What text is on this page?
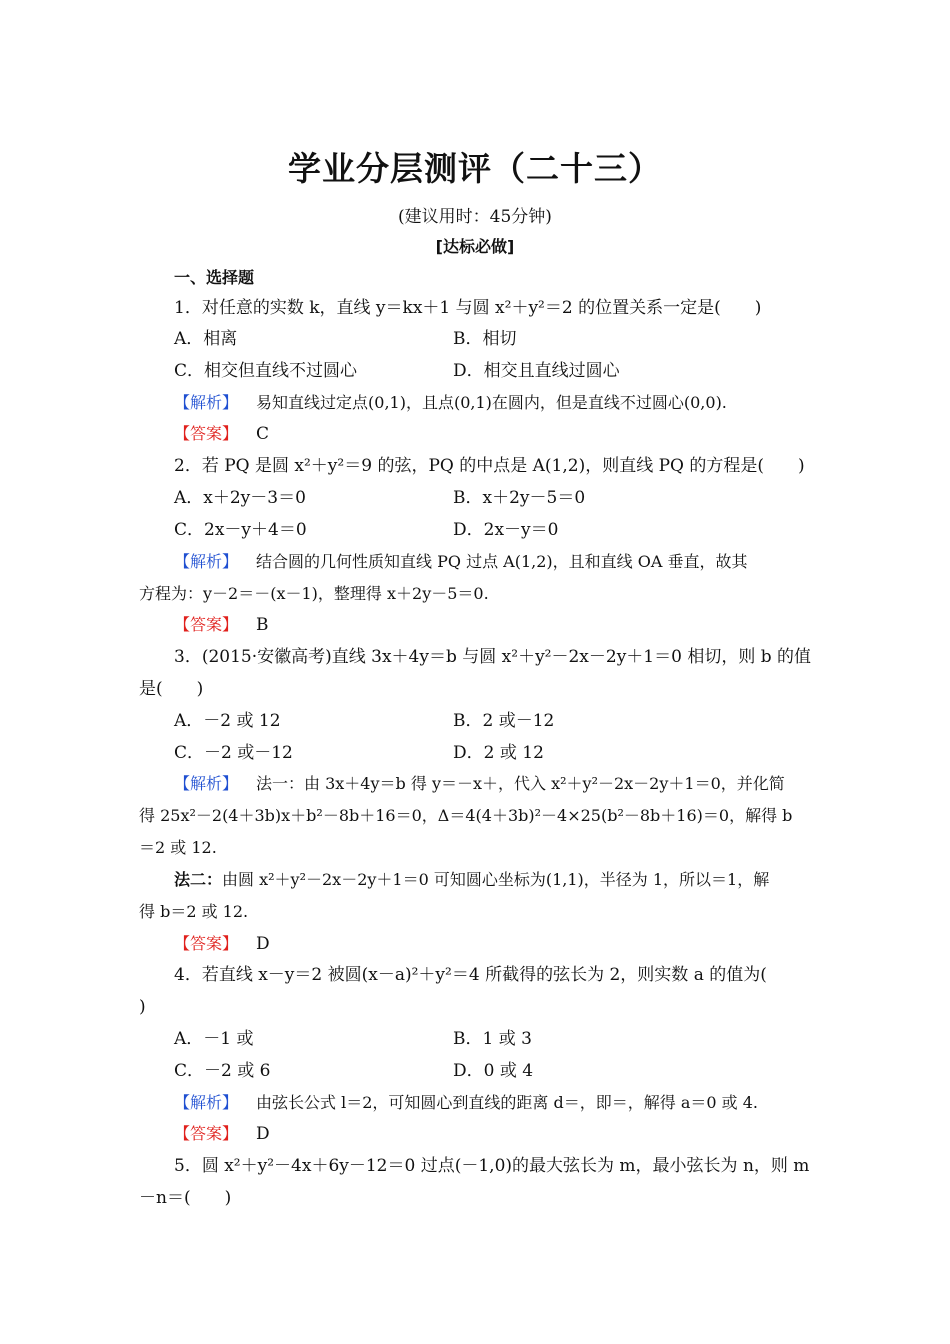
学业分层测评（二十三）
(建议用时：45分钟)
[达标必做]
一、选择题
1．对任意的实数 k，直线 y＝kx＋1 与圆 x²＋y²＝2 的位置关系一定是(　　)
A．相离	B．相切
C．相交但直线不过圆心	D．相交且直线过圆心
【解析】 易知直线过定点(0,1)，且点(0,1)在圆内，但是直线不过圆心(0,0).
【答案】 C
2．若 PQ 是圆 x²＋y²＝9 的弦，PQ 的中点是 A(1,2)，则直线 PQ 的方程是(　　)
A．x＋2y－3＝0	B．x＋2y－5＝0
C．2x－y＋4＝0	D．2x－y＝0
【解析】 结合圆的几何性质知直线 PQ 过点 A(1,2)，且和直线 OA 垂直，故其
方程为：y－2＝－(x－1)，整理得 x＋2y－5＝0.
【答案】 B
3．(2015·安徽高考)直线 3x＋4y＝b 与圆 x²＋y²－2x－2y＋1＝0 相切，则 b 的值
是(　　)
A．－2 或 12	B．2 或－12
C．－2 或－12	D．2 或 12
【解析】 法一：由 3x＋4y＝b 得 y＝－x＋，代入 x²＋y²－2x－2y＋1＝0，并化简
得 25x²－2(4＋3b)x＋b²－8b＋16＝0，Δ＝4(4＋3b)²－4×25(b²－8b＋16)＝0，解得 b
＝2 或 12.
法二：由圆 x²＋y²－2x－2y＋1＝0 可知圆心坐标为(1,1)，半径为 1，所以＝1，解
得 b＝2 或 12.
【答案】 D
4．若直线 x－y＝2 被圆(x－a)²＋y²＝4 所截得的弦长为 2，则实数 a 的值为(
)
A．－1 或	B．1 或 3
C．－2 或 6	D．0 或 4
【解析】 由弦长公式 l＝2，可知圆心到直线的距离 d＝，即＝，解得 a＝0 或 4.
【答案】 D
5．圆 x²＋y²－4x＋6y－12＝0 过点(－1,0)的最大弦长为 m，最小弦长为 n，则 m
－n＝(　　)
